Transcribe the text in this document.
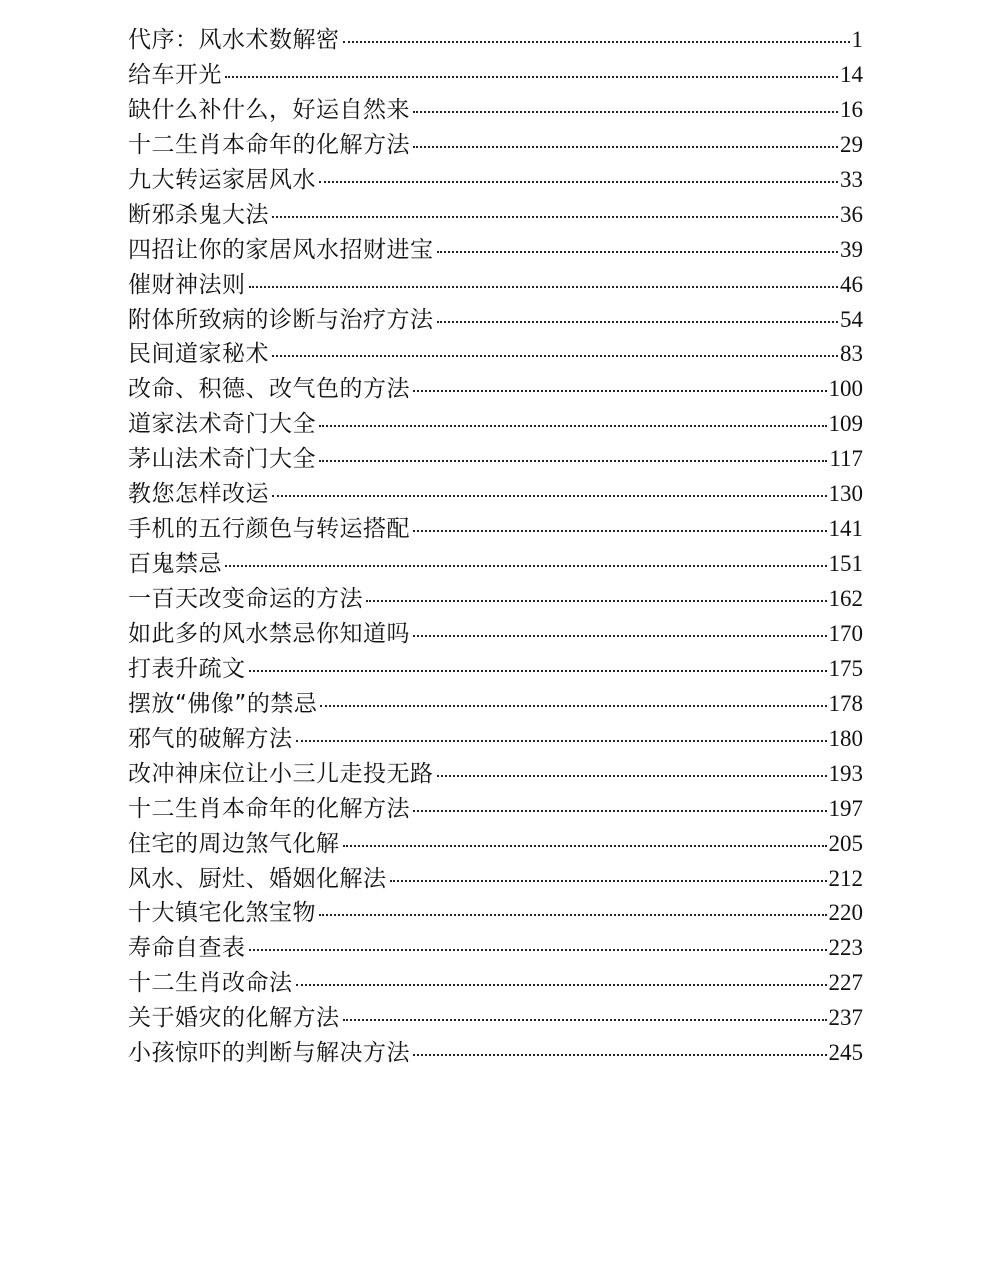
代序：风水术数解密	1
给车开光	14
缺什么补什么，好运自然来	16
十二生肖本命年的化解方法	29
九大转运家居风水	33
断邪杀鬼大法	36
四招让你的家居风水招财进宝	39
催财神法则	46
附体所致病的诊断与治疗方法	54
民间道家秘术	83
改命、积德、改气色的方法	100
道家法术奇门大全	109
茅山法术奇门大全	117
教您怎样改运	130
手机的五行颜色与转运搭配	141
百鬼禁忌	151
一百天改变命运的方法	162
如此多的风水禁忌你知道吗	170
打表升疏文	175
摆放“佛像”的禁忌	178
邪气的破解方法	180
改冲神床位让小三儿走投无路	193
十二生肖本命年的化解方法	197
住宅的周边煞气化解	205
风水、厨灶、婚姻化解法	212
十大镇宅化煞宝物	220
寿命自查表	223
十二生肖改命法	227
关于婚灾的化解方法	237
小孩惊吓的判断与解决方法	245
